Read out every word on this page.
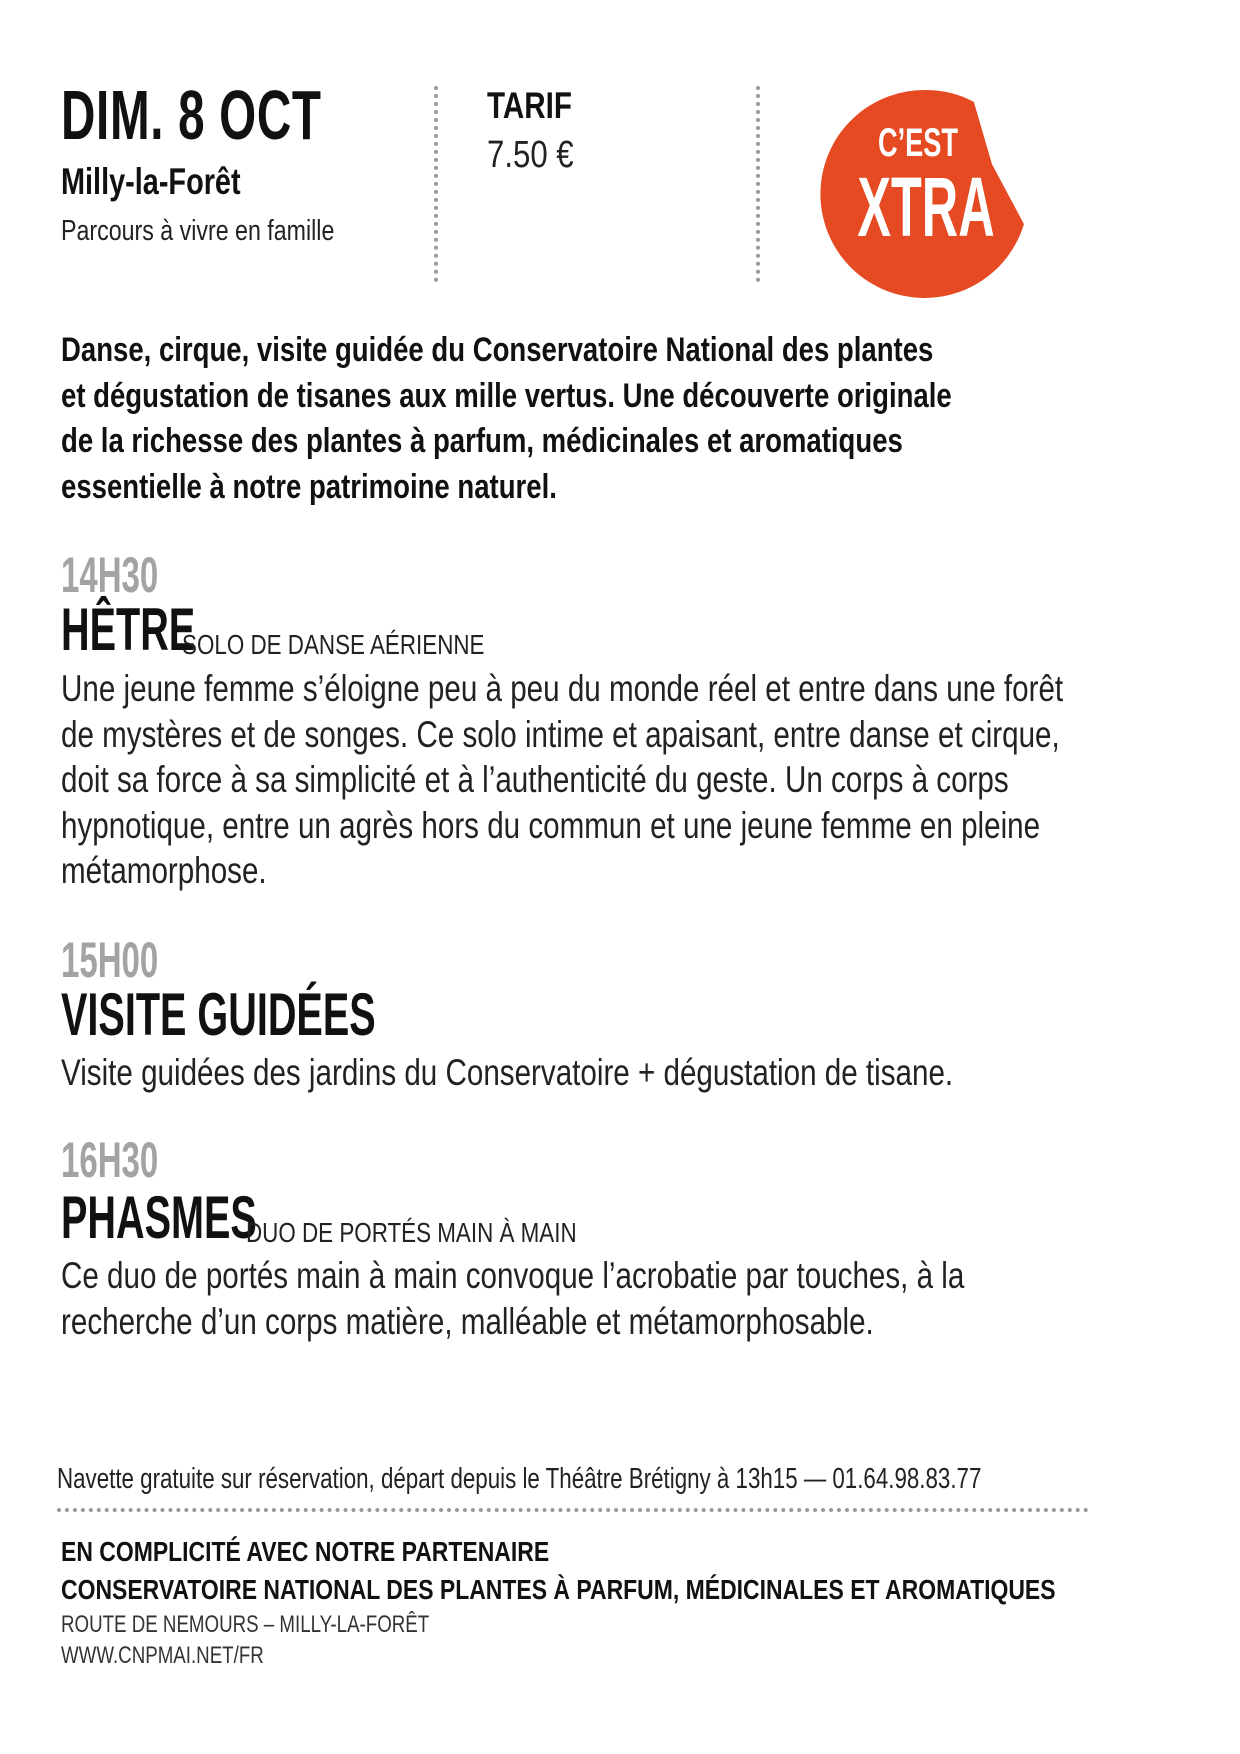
DIM. 8 OCT
Milly-la-Forêt
Parcours à vivre en famille
TARIF
7.50 €	C’EST
XTRA
Danse, cirque, visite guidée du Conservatoire National des plantes
et dégustation de tisanes aux mille vertus. Une découverte originale
de la richesse des plantes à parfum, médicinales et aromatiques
essentielle à notre patrimoine naturel.
14H30
HÊTRE
SOLO DE DANSE AÉRIENNE
Une jeune femme s’éloigne peu à peu du monde réel et entre dans une forêt
de mystères et de songes. Ce solo intime et apaisant, entre danse et cirque,
doit sa force à sa simplicité et à l’authenticité du geste. Un corps à corps
hypnotique, entre un agrès hors du commun et une jeune femme en pleine
métamorphose.
15H00
VISITE GUIDÉES
Visite guidées des jardins du Conservatoire + dégustation de tisane.
16H30
PHASMES
DUO DE PORTÉS MAIN À MAIN
Ce duo de portés main à main convoque l’acrobatie par touches, à la
recherche d’un corps matière, malléable et métamorphosable.
Navette gratuite sur réservation, départ depuis le Théâtre Brétigny à 13h15 — 01.64.98.83.77
EN COMPLICITÉ AVEC NOTRE PARTENAIRE
CONSERVATOIRE NATIONAL DES PLANTES À PARFUM, MÉDICINALES ET AROMATIQUES
ROUTE DE NEMOURS – MILLY-LA-FORÊT
WWW.CNPMAI.NET/FR
